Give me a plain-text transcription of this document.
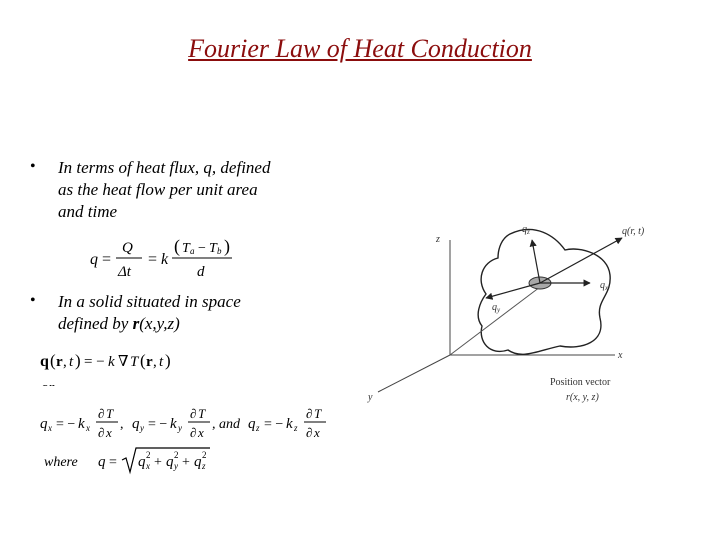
Fourier Law of Heat Conduction
• In terms of heat flux, q, defined
as the heat flow per unit area
and time
q =
Q
Δt
= k
( T a − T b )
d
• In a solid situated in space
defined by r(x,y,z)
q ( r , t ) = − k ∇ T ( r , t )
q x = − k x
∂ T
∂ x
, q y = − k y
∂ T
∂ x
, and q z = − k z
∂ T
∂ x
where q = q x
2 + q y
2 + q z
2
z
x
y
$q_z$	q(r, t)
$q_x$
$q_y$
Position vector
r(x, y, z)
